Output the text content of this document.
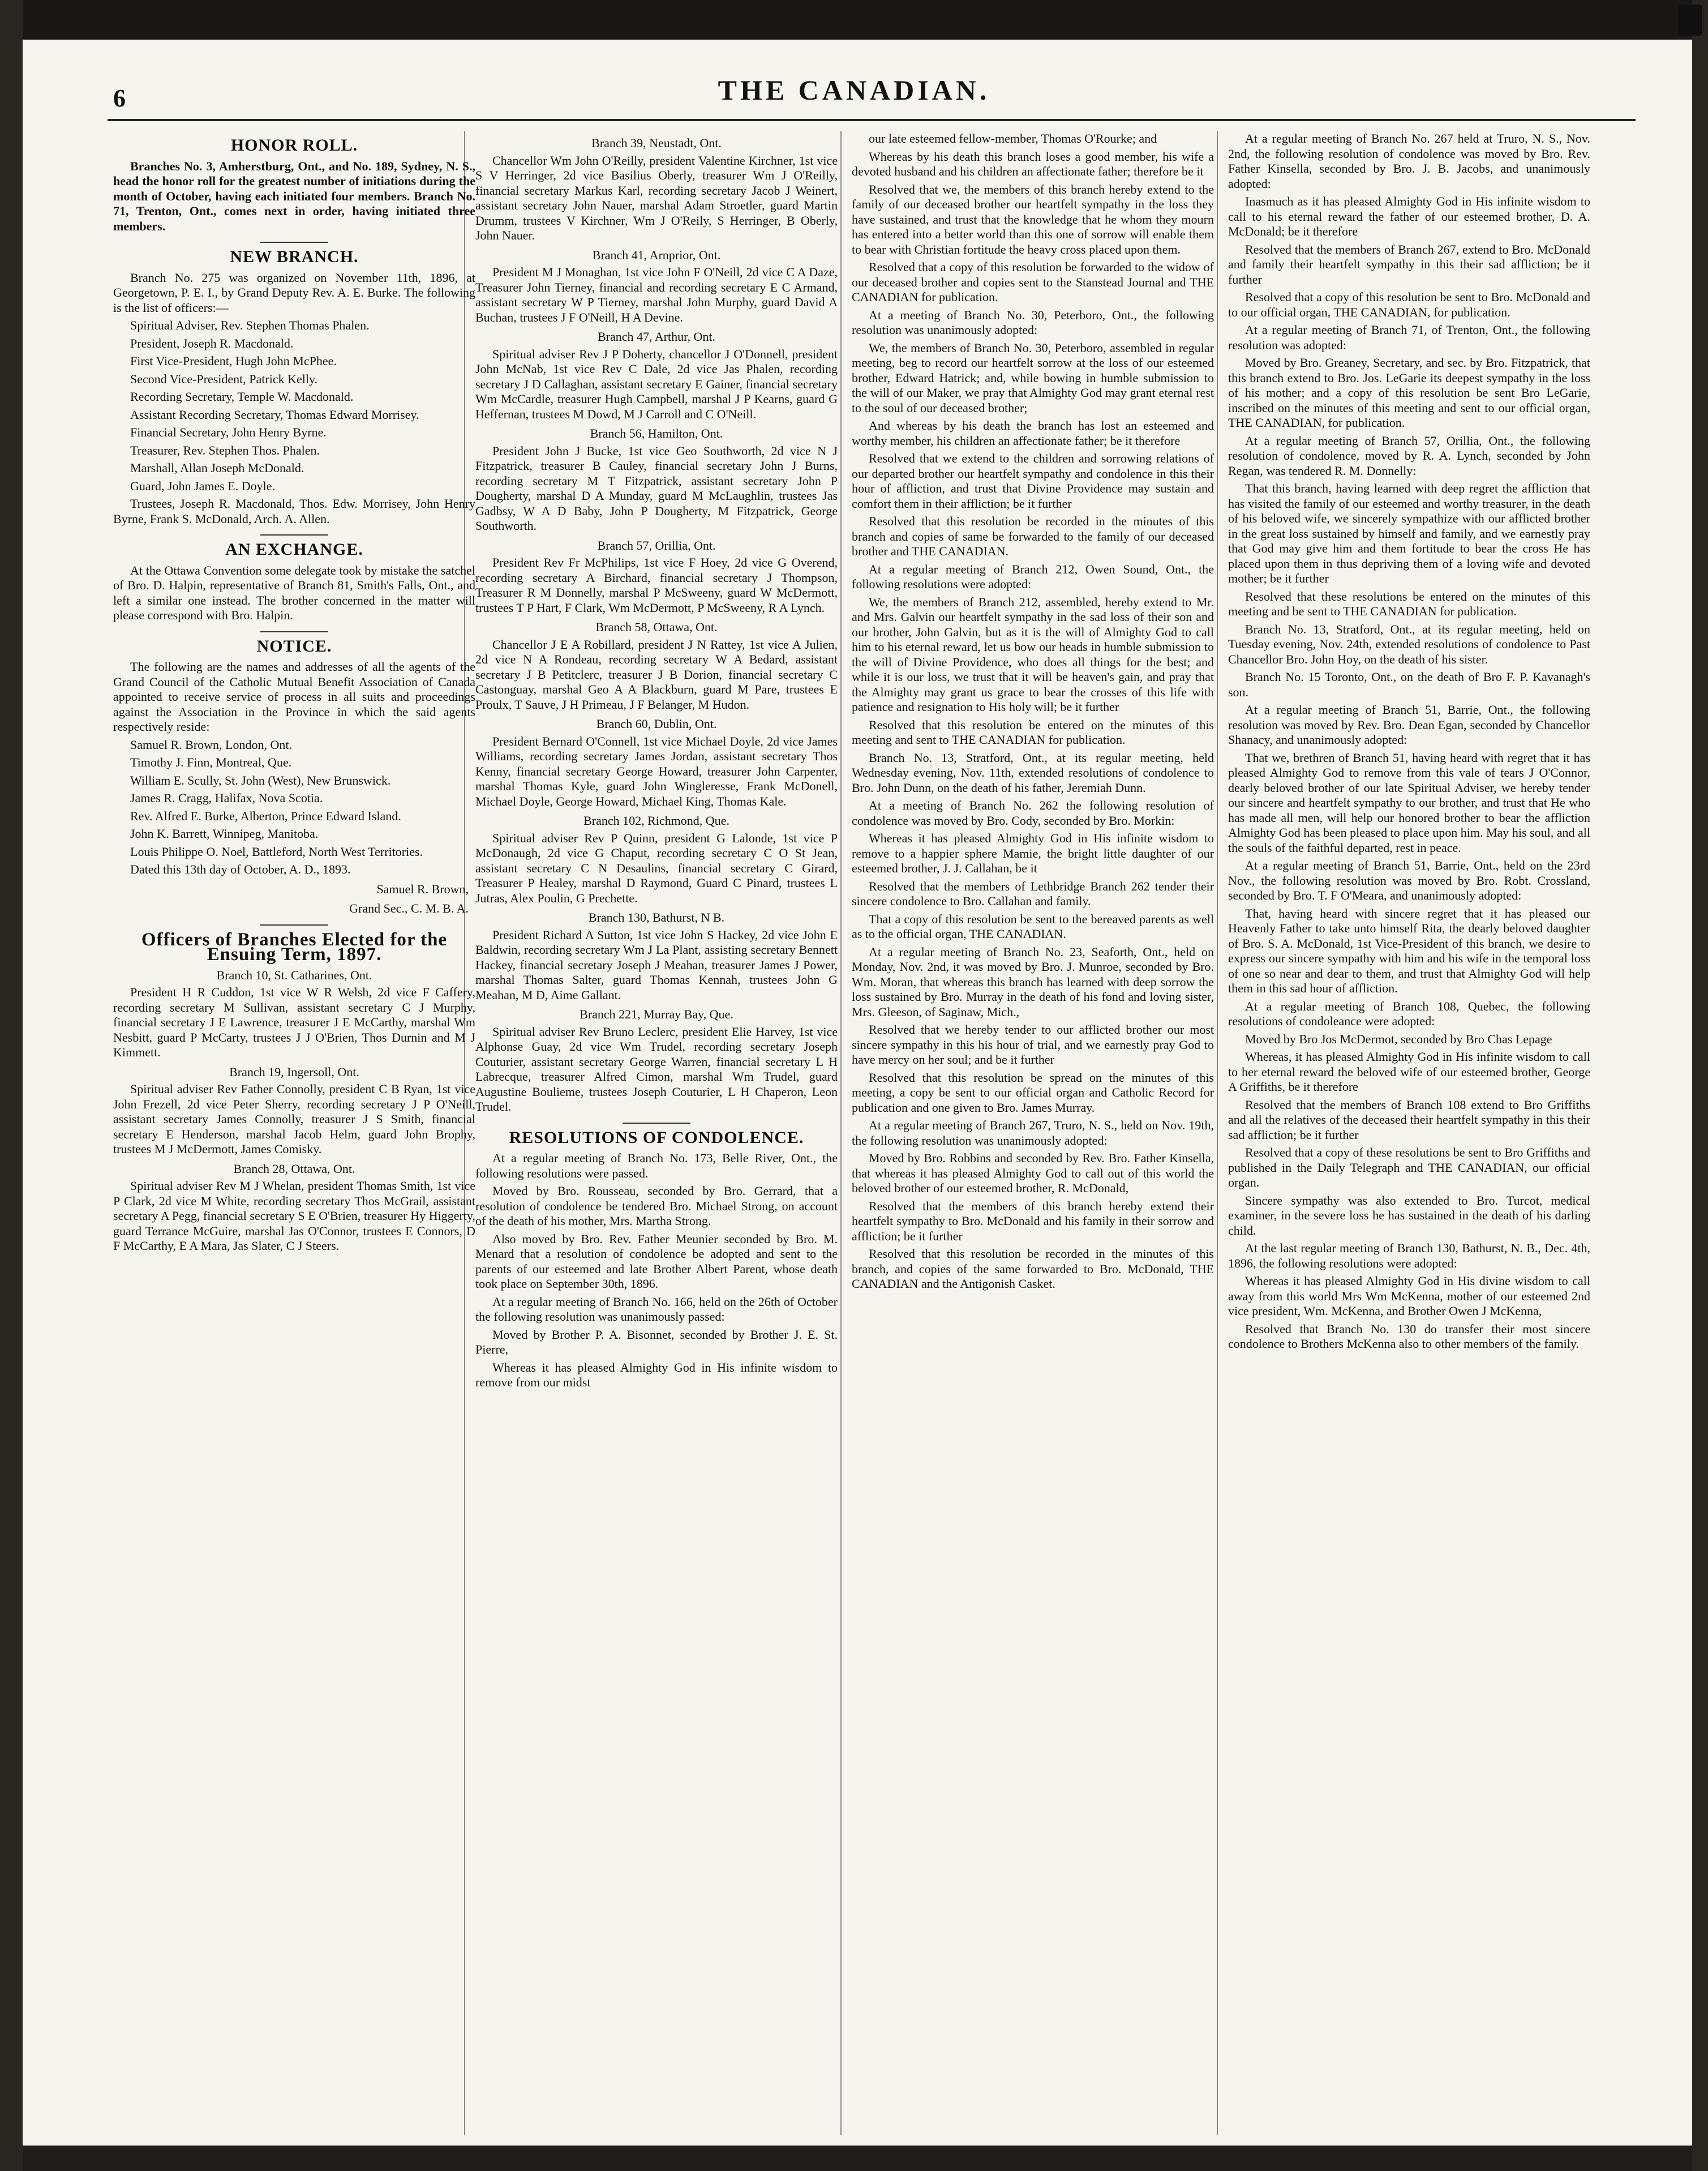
6	THE CANADIAN.
HONOR ROLL.
Branches No. 3, Amherstburg, Ont., and No. 189, Sydney, N. S., head the honor roll for the greatest number of initiations during the month of October, having each initiated four members. Branch No. 71, Trenton, Ont., comes next in order, having initiated three members.
NEW BRANCH.
Branch No. 275 was organized on November 11th, 1896, at Georgetown, P. E. I., by Grand Deputy Rev. A. E. Burke. The following is the list of officers:—
Spiritual Adviser, Rev. Stephen Thomas Phalen.
President, Joseph R. Macdonald.
First Vice-President, Hugh John McPhee.
Second Vice-President, Patrick Kelly.
Recording Secretary, Temple W. Macdonald.
Assistant Recording Secretary, Thomas Edward Morrisey.
Financial Secretary, John Henry Byrne.
Treasurer, Rev. Stephen Thos. Phalen.
Marshall, Allan Joseph McDonald.
Guard, John James E. Doyle.
Trustees, Joseph R. Macdonald, Thos. Edw. Morrisey, John Henry Byrne, Frank S. McDonald, Arch. A. Allen.
AN EXCHANGE.
At the Ottawa Convention some delegate took by mistake the satchel of Bro. D. Halpin, representative of Branch 81, Smith's Falls, Ont., and left a similar one instead. The brother concerned in the matter will please correspond with Bro. Halpin.
NOTICE.
The following are the names and addresses of all the agents of the Grand Council of the Catholic Mutual Benefit Association of Canada appointed to receive service of process in all suits and proceedings against the Association in the Province in which the said agents respectively reside:
Samuel R. Brown, London, Ont.
Timothy J. Finn, Montreal, Que.
William E. Scully, St. John (West), New Brunswick.
James R. Cragg, Halifax, Nova Scotia.
Rev. Alfred E. Burke, Alberton, Prince Edward Island.
John K. Barrett, Winnipeg, Manitoba.
Louis Philippe O. Noel, Battleford, North West Territories.
Dated this 13th day of October, A. D., 1893.
Samuel R. Brown,
Grand Sec., C. M. B. A.
Officers of Branches Elected for the Ensuing Term, 1897.
Branch 10, St. Catharines, Ont.
President H R Cuddon, 1st vice W R Welsh, 2d vice F Caffery, recording secretary M Sullivan, assistant secretary C J Murphy, financial secretary J E Lawrence, treasurer J E McCarthy, marshal Wm Nesbitt, guard P McCarty, trustees J J O'Brien, Thos Durnin and M J Kimmett.
Branch 19, Ingersoll, Ont.
Spiritual adviser Rev Father Connolly, president C B Ryan, 1st vice John Frezell, 2d vice Peter Sherry, recording secretary J P O'Neill, assistant secretary James Connolly, treasurer J S Smith, financial secretary E Henderson, marshal Jacob Helm, guard John Brophy, trustees M J McDermott, James Comisky.
Branch 28, Ottawa, Ont.
Spiritual adviser Rev M J Whelan, president Thomas Smith, 1st vice P Clark, 2d vice M White, recording secretary Thos McGrail, assistant secretary A Pegg, financial secretary S E O'Brien, treasurer Hy Higgerty, guard Terrance McGuire, marshal Jas O'Connor, trustees E Connors, D F McCarthy, E A Mara, Jas Slater, C J Steers.
Branch 39, Neustadt, Ont.
Chancellor Wm John O'Reilly, president Valentine Kirchner, 1st vice S V Herringer, 2d vice Basilius Oberly, treasurer Wm J O'Reilly, financial secretary Markus Karl, recording secretary Jacob J Weinert, assistant secretary John Nauer, marshal Adam Stroetler, guard Martin Drumm, trustees V Kirchner, Wm J O'Reily, S Herringer, B Oberly, John Nauer.
Branch 41, Arnprior, Ont.
President M J Monaghan, 1st vice John F O'Neill, 2d vice C A Daze, Treasurer John Tierney, financial and recording secretary E C Armand, assistant secretary W P Tierney, marshal John Murphy, guard David A Buchan, trustees J F O'Neill, H A Devine.
Branch 47, Arthur, Ont.
Spiritual adviser Rev J P Doherty, chancellor J O'Donnell, president John McNab, 1st vice Rev C Dale, 2d vice Jas Phalen, recording secretary J D Callaghan, assistant secretary E Gainer, financial secretary Wm McCardle, treasurer Hugh Campbell, marshal J P Kearns, guard G Heffernan, trustees M Dowd, M J Carroll and C O'Neill.
Branch 56, Hamilton, Ont.
President John J Bucke, 1st vice Geo Southworth, 2d vice N J Fitzpatrick, treasurer B Cauley, financial secretary John J Burns, recording secretary M T Fitzpatrick, assistant secretary John P Dougherty, marshal D A Munday, guard M McLaughlin, trustees Jas Gadbsy, W A D Baby, John P Dougherty, M Fitzpatrick, George Southworth.
Branch 57, Orillia, Ont.
President Rev Fr McPhilips, 1st vice F Hoey, 2d vice G Overend, recording secretary A Birchard, financial secretary J Thompson, Treasurer R M Donnelly, marshal P McSweeny, guard W McDermott, trustees T P Hart, F Clark, Wm McDermott, P McSweeny, R A Lynch.
Branch 58, Ottawa, Ont.
Chancellor J E A Robillard, president J N Rattey, 1st vice A Julien, 2d vice N A Rondeau, recording secretary W A Bedard, assistant secretary J B Petitclerc, treasurer J B Dorion, financial secretary C Castonguay, marshal Geo A A Blackburn, guard M Pare, trustees E Proulx, T Sauve, J H Primeau, J F Belanger, M Hudon.
Branch 60, Dublin, Ont.
President Bernard O'Connell, 1st vice Michael Doyle, 2d vice James Williams, recording secretary James Jordan, assistant secretary Thos Kenny, financial secretary George Howard, treasurer John Carpenter, marshal Thomas Kyle, guard John Wingleresse, Frank McDonell, Michael Doyle, George Howard, Michael King, Thomas Kale.
Branch 102, Richmond, Que.
Spiritual adviser Rev P Quinn, president G Lalonde, 1st vice P McDonaugh, 2d vice G Chaput, recording secretary C O St Jean, assistant secretary C N Desaulins, financial secretary C Girard, Treasurer P Healey, marshal D Raymond, Guard C Pinard, trustees L Jutras, Alex Poulin, G Prechette.
Branch 130, Bathurst, N B.
President Richard A Sutton, 1st vice John S Hackey, 2d vice John E Baldwin, recording secretary Wm J La Plant, assisting secretary Bennett Hackey, financial secretary Joseph J Meahan, treasurer James J Power, marshal Thomas Salter, guard Thomas Kennah, trustees John G Meahan, M D, Aime Gallant.
Branch 221, Murray Bay, Que.
Spiritual adviser Rev Bruno Leclerc, president Elie Harvey, 1st vice Alphonse Guay, 2d vice Wm Trudel, recording secretary Joseph Couturier, assistant secretary George Warren, financial secretary L H Labrecque, treasurer Alfred Cimon, marshal Wm Trudel, guard Augustine Boulieme, trustees Joseph Couturier, L H Chaperon, Leon Trudel.
RESOLUTIONS OF CONDOLENCE.
At a regular meeting of Branch No. 173, Belle River, Ont., the following resolutions were passed.
Moved by Bro. Rousseau, seconded by Bro. Gerrard, that a resolution of condolence be tendered Bro. Michael Strong, on account of the death of his mother, Mrs. Martha Strong.
Also moved by Bro. Rev. Father Meunier seconded by Bro. M. Menard that a resolution of condolence be adopted and sent to the parents of our esteemed and late Brother Albert Parent, whose death took place on September 30th, 1896.
At a regular meeting of Branch No. 166, held on the 26th of October the following resolution was unanimously passed:
Moved by Brother P. A. Bisonnet, seconded by Brother J. E. St. Pierre,
Whereas it has pleased Almighty God in His infinite wisdom to remove from our midst
our late esteemed fellow-member, Thomas O'Rourke; and
Whereas by his death this branch loses a good member, his wife a devoted husband and his children an affectionate father; therefore be it
Resolved that we, the members of this branch hereby extend to the family of our deceased brother our heartfelt sympathy in the loss they have sustained, and trust that the knowledge that he whom they mourn has entered into a better world than this one of sorrow will enable them to bear with Christian fortitude the heavy cross placed upon them.
Resolved that a copy of this resolution be forwarded to the widow of our deceased brother and copies sent to the Stanstead Journal and THE CANADIAN for publication.
At a meeting of Branch No. 30, Peterboro, Ont., the following resolution was unanimously adopted:
We, the members of Branch No. 30, Peterboro, assembled in regular meeting, beg to record our heartfelt sorrow at the loss of our esteemed brother, Edward Hatrick; and, while bowing in humble submission to the will of our Maker, we pray that Almighty God may grant eternal rest to the soul of our deceased brother;
And whereas by his death the branch has lost an esteemed and worthy member, his children an affectionate father; be it therefore
Resolved that we extend to the children and sorrowing relations of our departed brother our heartfelt sympathy and condolence in this their hour of affliction, and trust that Divine Providence may sustain and comfort them in their affliction; be it further
Resolved that this resolution be recorded in the minutes of this branch and copies of same be forwarded to the family of our deceased brother and THE CANADIAN.
At a regular meeting of Branch 212, Owen Sound, Ont., the following resolutions were adopted:
We, the members of Branch 212, assembled, hereby extend to Mr. and Mrs. Galvin our heartfelt sympathy in the sad loss of their son and our brother, John Galvin, but as it is the will of Almighty God to call him to his eternal reward, let us bow our heads in humble submission to the will of Divine Providence, who does all things for the best; and while it is our loss, we trust that it will be heaven's gain, and pray that the Almighty may grant us grace to bear the crosses of this life with patience and resignation to His holy will; be it further
Resolved that this resolution be entered on the minutes of this meeting and sent to THE CANADIAN for publication.
Branch No. 13, Stratford, Ont., at its regular meeting, held Wednesday evening, Nov. 11th, extended resolutions of condolence to Bro. John Dunn, on the death of his father, Jeremiah Dunn.
At a meeting of Branch No. 262 the following resolution of condolence was moved by Bro. Cody, seconded by Bro. Morkin:
Whereas it has pleased Almighty God in His infinite wisdom to remove to a happier sphere Mamie, the bright little daughter of our esteemed brother, J. J. Callahan, be it
Resolved that the members of Lethbridge Branch 262 tender their sincere condolence to Bro. Callahan and family.
That a copy of this resolution be sent to the bereaved parents as well as to the official organ, THE CANADIAN.
At a regular meeting of Branch No. 23, Seaforth, Ont., held on Monday, Nov. 2nd, it was moved by Bro. J. Munroe, seconded by Bro. Wm. Moran, that whereas this branch has learned with deep sorrow the loss sustained by Bro. Murray in the death of his fond and loving sister, Mrs. Gleeson, of Saginaw, Mich.,
Resolved that we hereby tender to our afflicted brother our most sincere sympathy in this his hour of trial, and we earnestly pray God to have mercy on her soul; and be it further
Resolved that this resolution be spread on the minutes of this meeting, a copy be sent to our official organ and Catholic Record for publication and one given to Bro. James Murray.
At a regular meeting of Branch 267, Truro, N. S., held on Nov. 19th, the following resolution was unanimously adopted:
Moved by Bro. Robbins and seconded by Rev. Bro. Father Kinsella, that whereas it has pleased Almighty God to call out of this world the beloved brother of our esteemed brother, R. McDonald,
Resolved that the members of this branch hereby extend their heartfelt sympathy to Bro. McDonald and his family in their sorrow and affliction; be it further
Resolved that this resolution be recorded in the minutes of this branch, and copies of the same forwarded to Bro. McDonald, THE CANADIAN and the Antigonish Casket.
At a regular meeting of Branch No. 267 held at Truro, N. S., Nov. 2nd, the following resolution of condolence was moved by Bro. Rev. Father Kinsella, seconded by Bro. J. B. Jacobs, and unanimously adopted:
Inasmuch as it has pleased Almighty God in His infinite wisdom to call to his eternal reward the father of our esteemed brother, D. A. McDonald; be it therefore
Resolved that the members of Branch 267, extend to Bro. McDonald and family their heartfelt sympathy in this their sad affliction; be it further
Resolved that a copy of this resolution be sent to Bro. McDonald and to our official organ, THE CANADIAN, for publication.
At a regular meeting of Branch 71, of Trenton, Ont., the following resolution was adopted:
Moved by Bro. Greaney, Secretary, and sec. by Bro. Fitzpatrick, that this branch extend to Bro. Jos. LeGarie its deepest sympathy in the loss of his mother; and a copy of this resolution be sent Bro LeGarie, inscribed on the minutes of this meeting and sent to our official organ, THE CANADIAN, for publication.
At a regular meeting of Branch 57, Orillia, Ont., the following resolution of condolence, moved by R. A. Lynch, seconded by John Regan, was tendered R. M. Donnelly:
That this branch, having learned with deep regret the affliction that has visited the family of our esteemed and worthy treasurer, in the death of his beloved wife, we sincerely sympathize with our afflicted brother in the great loss sustained by himself and family, and we earnestly pray that God may give him and them fortitude to bear the cross He has placed upon them in thus depriving them of a loving wife and devoted mother; be it further
Resolved that these resolutions be entered on the minutes of this meeting and be sent to THE CANADIAN for publication.
Branch No. 13, Stratford, Ont., at its regular meeting, held on Tuesday evening, Nov. 24th, extended resolutions of condolence to Past Chancellor Bro. John Hoy, on the death of his sister.
Branch No. 15 Toronto, Ont., on the death of Bro F. P. Kavanagh's son.
At a regular meeting of Branch 51, Barrie, Ont., the following resolution was moved by Rev. Bro. Dean Egan, seconded by Chancellor Shanacy, and unanimously adopted:
That we, brethren of Branch 51, having heard with regret that it has pleased Almighty God to remove from this vale of tears J O'Connor, dearly beloved brother of our late Spiritual Adviser, we hereby tender our sincere and heartfelt sympathy to our brother, and trust that He who has made all men, will help our honored brother to bear the affliction Almighty God has been pleased to place upon him. May his soul, and all the souls of the faithful departed, rest in peace.
At a regular meeting of Branch 51, Barrie, Ont., held on the 23rd Nov., the following resolution was moved by Bro. Robt. Crossland, seconded by Bro. T. F O'Meara, and unanimously adopted:
That, having heard with sincere regret that it has pleased our Heavenly Father to take unto himself Rita, the dearly beloved daughter of Bro. S. A. McDonald, 1st Vice-President of this branch, we desire to express our sincere sympathy with him and his wife in the temporal loss of one so near and dear to them, and trust that Almighty God will help them in this sad hour of affliction.
At a regular meeting of Branch 108, Quebec, the following resolutions of condoleance were adopted:
Moved by Bro Jos McDermot, seconded by Bro Chas Lepage
Whereas, it has pleased Almighty God in His infinite wisdom to call to her eternal reward the beloved wife of our esteemed brother, George A Griffiths, be it therefore
Resolved that the members of Branch 108 extend to Bro Griffiths and all the relatives of the deceased their heartfelt sympathy in this their sad affliction; be it further
Resolved that a copy of these resolutions be sent to Bro Griffiths and published in the Daily Telegraph and THE CANADIAN, our official organ.
Sincere sympathy was also extended to Bro. Turcot, medical examiner, in the severe loss he has sustained in the death of his darling child.
At the last regular meeting of Branch 130, Bathurst, N. B., Dec. 4th, 1896, the following resolutions were adopted:
Whereas it has pleased Almighty God in His divine wisdom to call away from this world Mrs Wm McKenna, mother of our esteemed 2nd vice president, Wm. McKenna, and Brother Owen J McKenna,
Resolved that Branch No. 130 do transfer their most sincere condolence to Brothers McKenna also to other members of the family.
